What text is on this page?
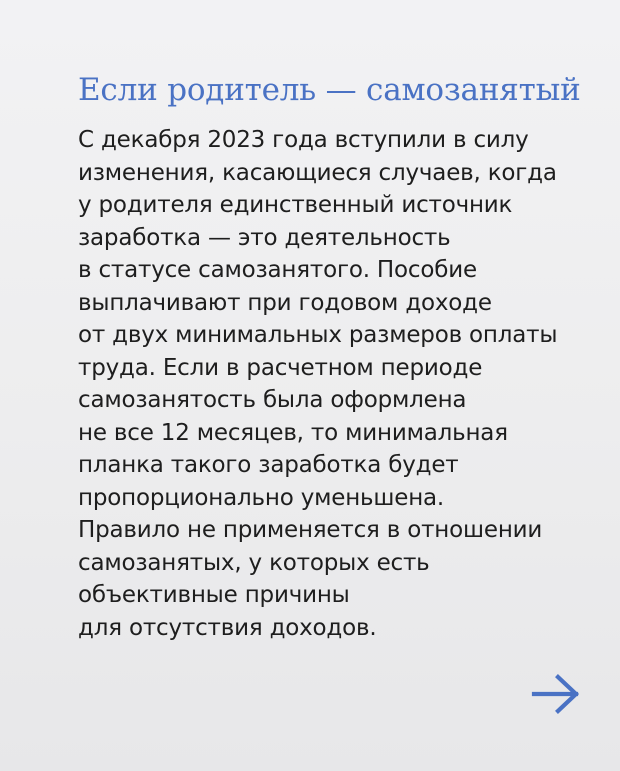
Если родитель — самозанятый
С декабря 2023 года вступили в силу
изменения, касающиеся случаев, когда
у родителя единственный источник
заработка — это деятельность
в статусе самозанятого. Пособие
выплачивают при годовом доходе
от двух минимальных размеров оплаты
труда. Если в расчетном периоде
самозанятость была оформлена
не все 12 месяцев, то минимальная
планка такого заработка будет
пропорционально уменьшена.
Правило не применяется в отношении
самозанятых, у которых есть
объективные причины
для отсутствия доходов.
